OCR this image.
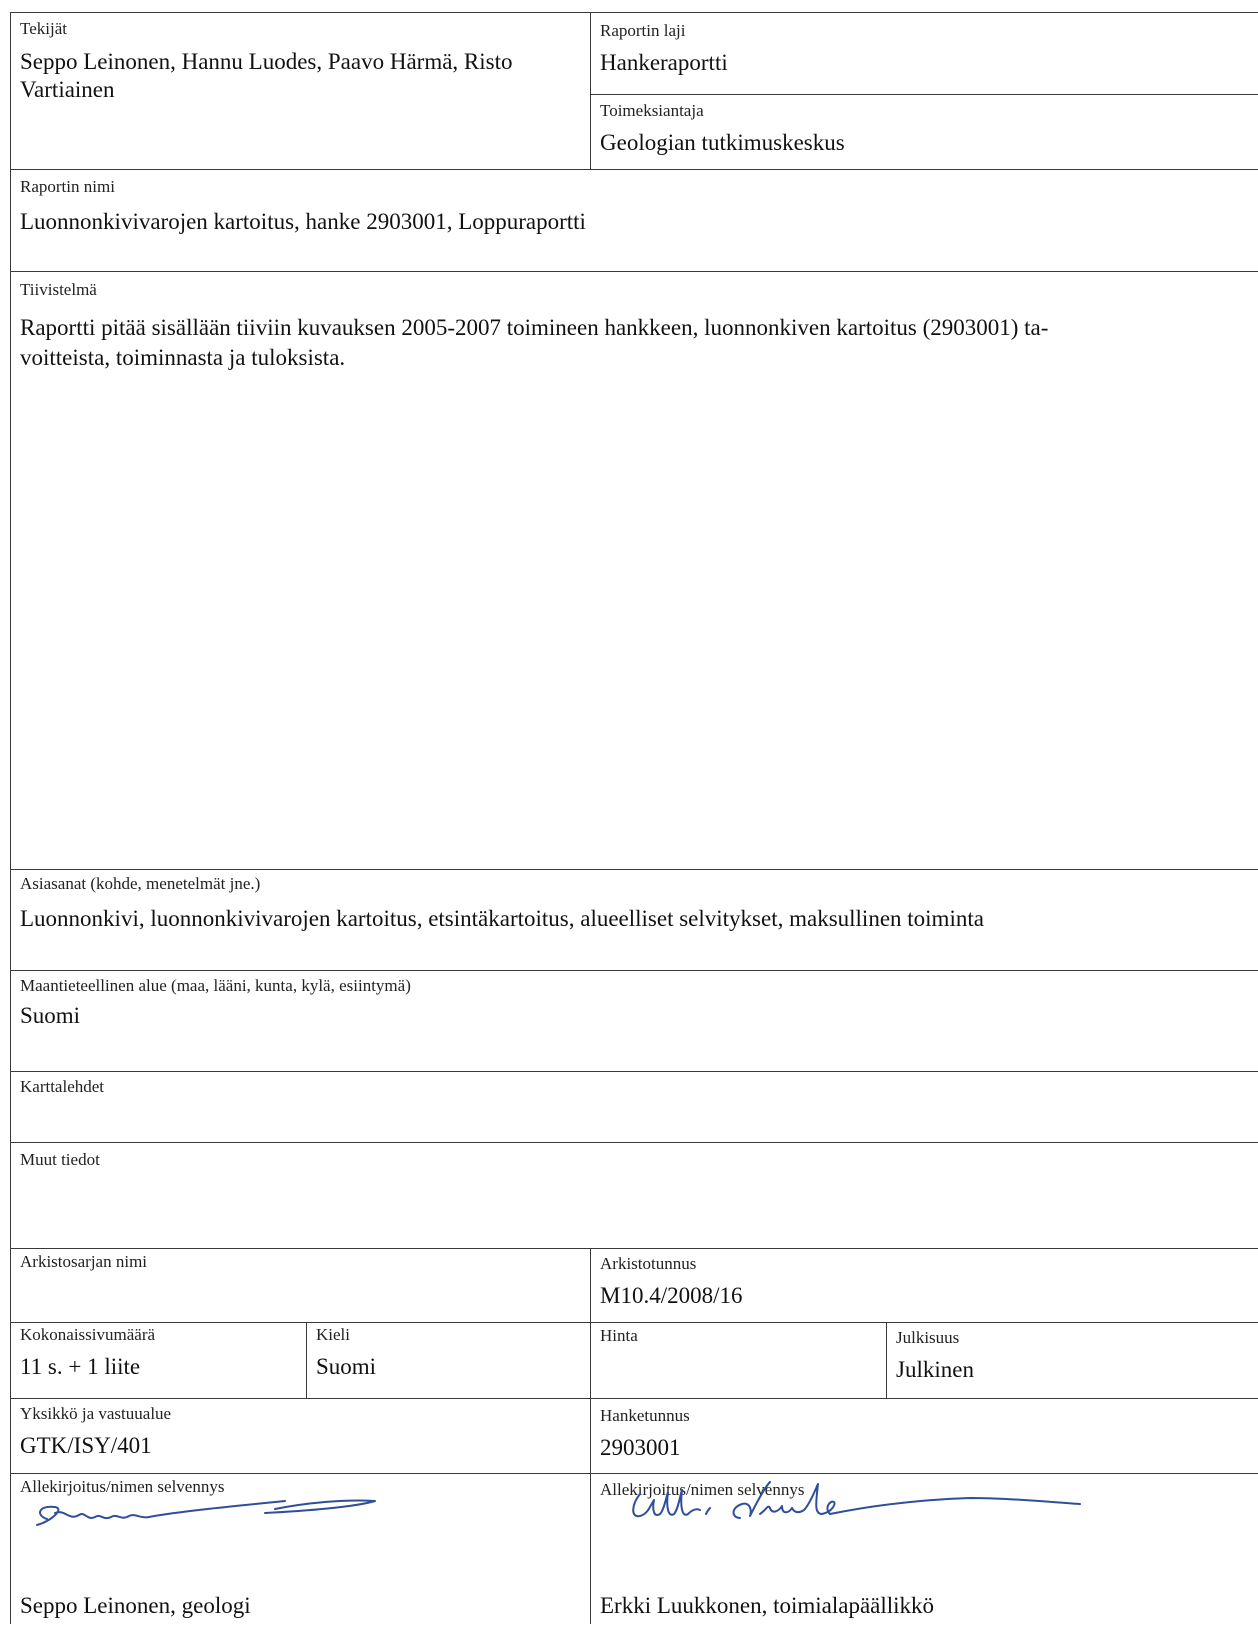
Tekijät
Seppo Leinonen, Hannu Luodes, Paavo Härmä, Risto
Vartiainen
Raportin laji
Hankeraportti
Toimeksiantaja
Geologian tutkimuskeskus
Raportin nimi
Luonnonkivivarojen kartoitus, hanke 2903001, Loppuraportti
Tiivistelmä
Raportti pitää sisällään tiiviin kuvauksen 2005-2007 toimineen hankkeen, luonnonkiven kartoitus (2903001) ta-
voitteista, toiminnasta ja tuloksista.
Asiasanat (kohde, menetelmät jne.)
Luonnonkivi, luonnonkivivarojen kartoitus, etsintäkartoitus, alueelliset selvitykset, maksullinen toiminta
Maantieteellinen alue (maa, lääni, kunta, kylä, esiintymä)
Suomi
Karttalehdet
Muut tiedot
Arkistosarjan nimi	Arkistotunnus
M10.4/2008/16
Kokonaissivumäärä
11 s. + 1 liite
Kieli
Suomi
Hinta	Julkisuus
Julkinen
Yksikkö ja vastuualue
GTK/ISY/401
Hanketunnus
2903001
Allekirjoitus/nimen selvennys
Seppo Leinonen, geologi
Allekirjoitus/nimen selvennys
Erkki Luukkonen, toimialapäällikkö
